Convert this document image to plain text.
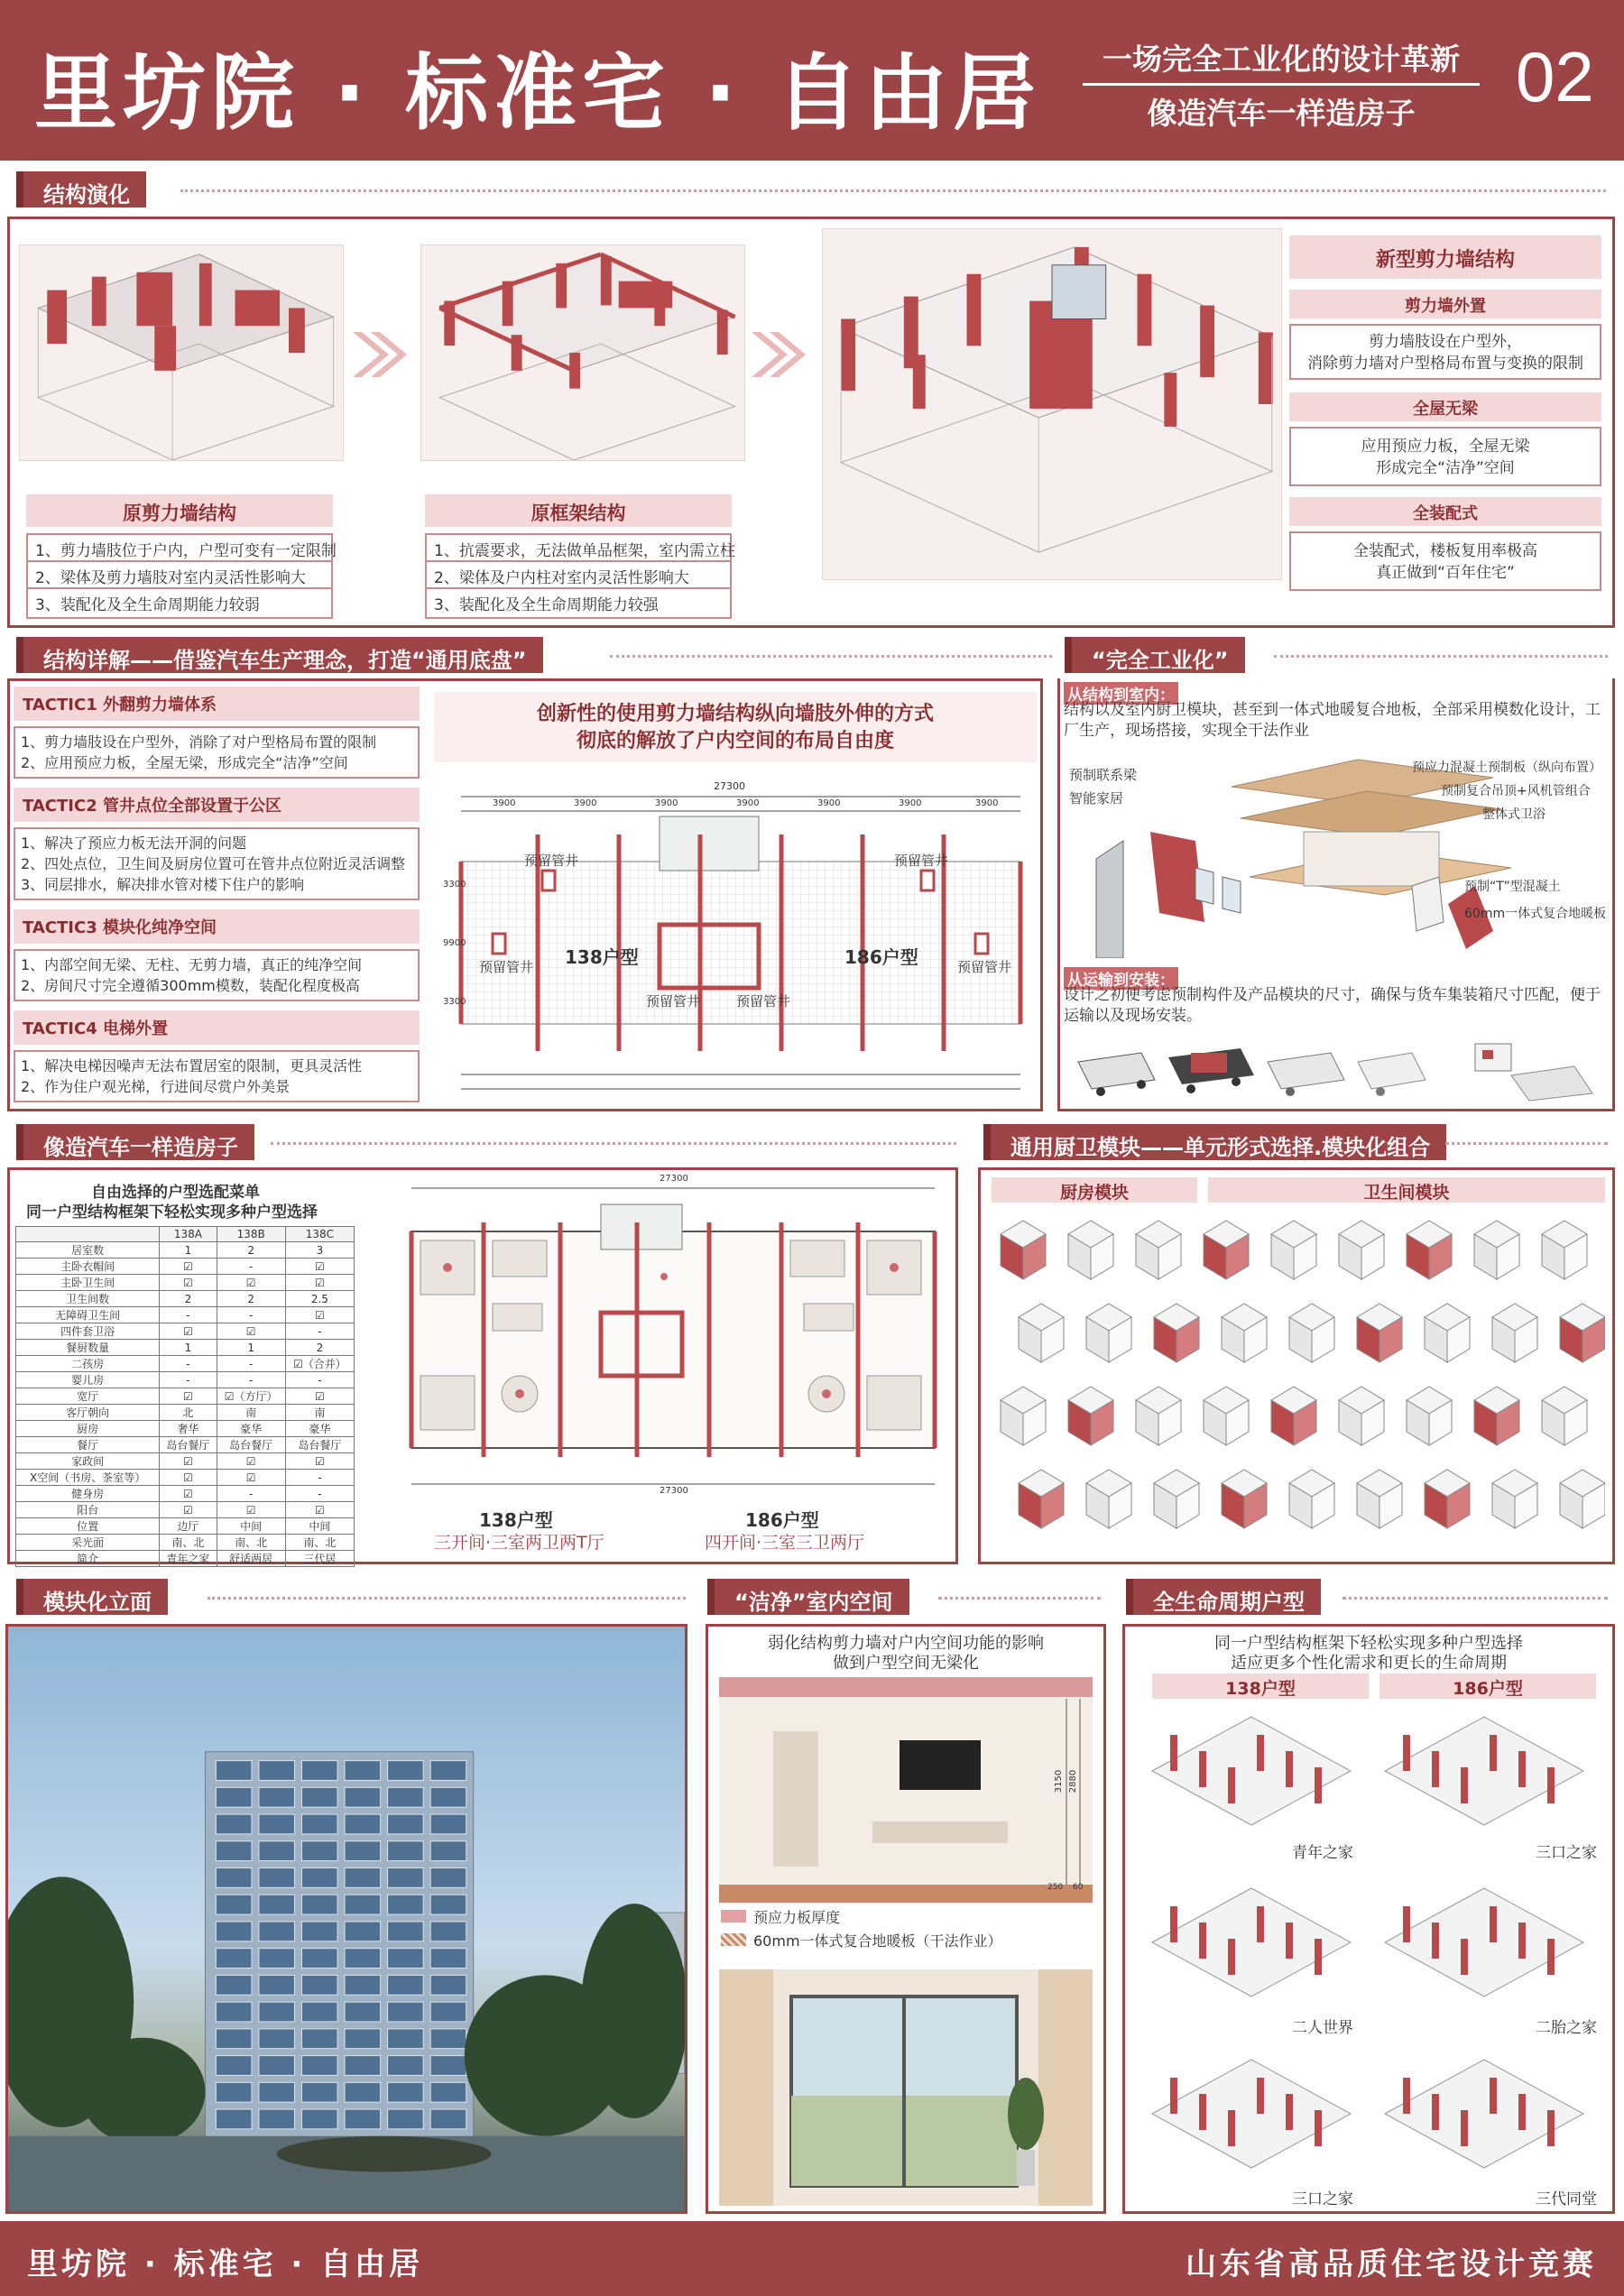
里坊院 · 标准宅 · 自由居	一场完全工业化的设计革新
像造汽车一样造房子	02
结构演化
原剪力墙结构
1、剪力墙肢位于户内，户型可变有一定限制
2、梁体及剪力墙肢对室内灵活性影响大
3、装配化及全生命周期能力较弱
原框架结构
1、抗震要求，无法做单品框架，室内需立柱
2、梁体及户内柱对室内灵活性影响大
3、装配化及全生命周期能力较强
新型剪力墙结构
剪力墙外置
剪力墙肢设在户型外，
消除剪力墙对户型格局布置与变换的限制
全屋无梁
应用预应力板，全屋无梁
形成完全“洁净”空间
全装配式
全装配式，楼板复用率极高
真正做到“百年住宅”
结构详解——借鉴汽车生产理念，打造“通用底盘”
TACTIC1 外翻剪力墙体系
1、剪力墙肢设在户型外，消除了对户型格局布置的限制
2、应用预应力板，全屋无梁，形成完全“洁净”空间
TACTIC2 管井点位全部设置于公区
1、解决了预应力板无法开洞的问题
2、四处点位，卫生间及厨房位置可在管井点位附近灵活调整
3、同层排水，解决排水管对楼下住户的影响
TACTIC3 模块化纯净空间
1、内部空间无梁、无柱、无剪力墙，真正的纯净空间
2、房间尺寸完全遵循300mm模数，装配化程度极高
TACTIC4 电梯外置
1、解决电梯因噪声无法布置居室的限制，更具灵活性
2、作为住户观光梯，行进间尽赏户外美景
创新性的使用剪力墙结构纵向墙肢外伸的方式
彻底的解放了户内空间的布局自由度
27300
3900	3900	3900	3900	3900	3900	3900
3300
9900
3300
预留管井	预留管井
预留管井	预留管井
预留管井	预留管井
138户型	186户型
“完全工业化”
从结构到室内：
结构以及室内厨卫模块，甚至到一体式地暖复合地板，全部采用模数化设计，工厂生产，现场搭接，实现全干法作业
预制联系梁
智能家居
预应力混凝土预制板（纵向布置）
预制复合吊顶+风机管组合
整体式卫浴
预制“T”型混凝土
60mm一体式复合地暖板
从运输到安装：
设计之初便考虑预制构件及产品模块的尺寸，确保与货车集装箱尺寸匹配，便于运输以及现场安装。
像造汽车一样造房子
自由选择的户型选配菜单
同一户型结构框架下轻松实现多种户型选择
	138A	138B	138C
居室数	1	2	3
主卧衣帽间	☑	-	☑
主卧卫生间	☑	☑	☑
卫生间数	2	2	2.5
无障碍卫生间	-	-	☑
四件套卫浴	☑	☑	-
餐厨数量	1	1	2
二孩房	-	-	☑（合并）
婴儿房	-	-	-
宽厅	☑	☑（方厅）	☑
客厅朝向	北	南	南
厨房	奢华	豪华	豪华
餐厅	岛台餐厅	岛台餐厅	岛台餐厅
家政间	☑	☑	☑
X空间（书房、茶室等）	☑	☑	-
健身房	☑	-	-
阳台	☑	☑	☑
位置	边厅	中间	中间
采光面	南、北	南、北	南、北
简介	青年之家	舒适两居	三代居
27300
27300
138户型
三开间·三室两卫两T厅
186户型
四开间·三室三卫两厅
通用厨卫模块——单元形式选择.模块化组合
厨房模块	卫生间模块
模块化立面	“洁净”室内空间
弱化结构剪力墙对户内空间功能的影响
做到户型空间无梁化
3150 2880
250 60
预应力板厚度
60mm一体式复合地暖板（干法作业）
全生命周期户型
同一户型结构框架下轻松实现多种户型选择
适应更多个性化需求和更长的生命周期
138户型	186户型
青年之家	三口之家
二人世界	二胎之家
三口之家	三代同堂
里坊院 · 标准宅 · 自由居	山东省高品质住宅设计竞赛
